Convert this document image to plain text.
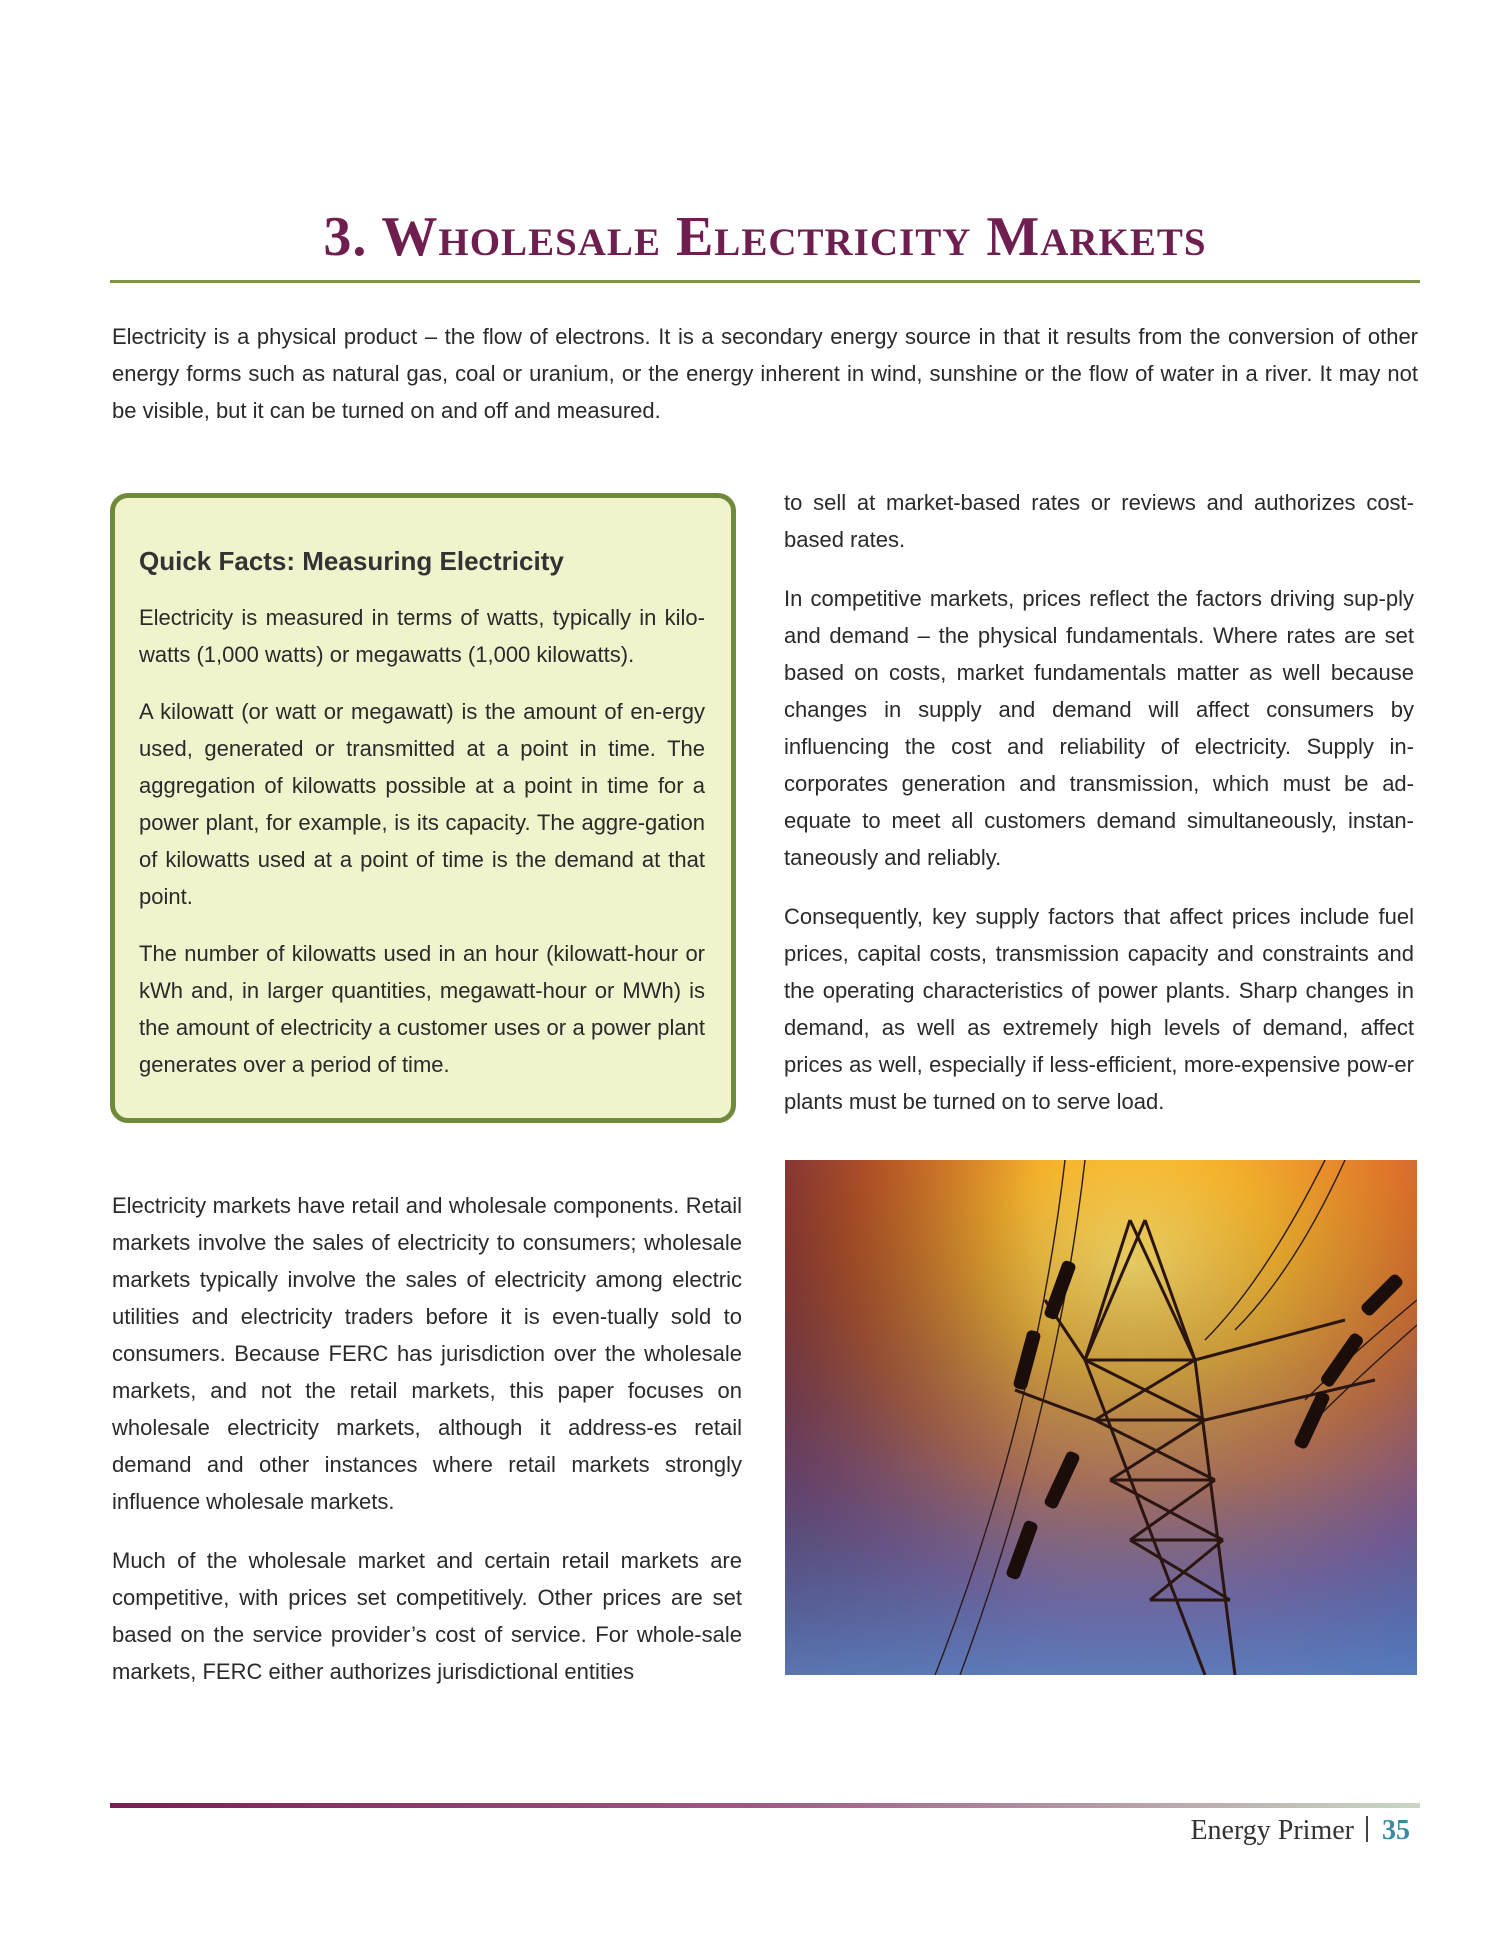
3. Wholesale Electricity Markets

Electricity is a physical product – the flow of electrons. It is a secondary energy source in that it results from the conversion of other energy forms such as natural gas, coal or uranium, or the energy inherent in wind, sunshine or the flow of water in a river. It may not be visible, but it can be turned on and off and measured.

Quick Facts: Measuring Electricity

Electricity is measured in terms of watts, typically in kilo-watts (1,000 watts) or megawatts (1,000 kilowatts).

A kilowatt (or watt or megawatt) is the amount of en-ergy used, generated or transmitted at a point in time. The aggregation of kilowatts possible at a point in time for a power plant, for example, is its capacity. The aggre-gation of kilowatts used at a point of time is the demand at that point.

The number of kilowatts used in an hour (kilowatt-hour or kWh and, in larger quantities, megawatt-hour or MWh) is the amount of electricity a customer uses or a power plant generates over a period of time.

to sell at market-based rates or reviews and authorizes cost-based rates.

In competitive markets, prices reflect the factors driving sup-ply and demand – the physical fundamentals. Where rates are set based on costs, market fundamentals matter as well because changes in supply and demand will affect consumers by influencing the cost and reliability of electricity. Supply in-corporates generation and transmission, which must be ad-equate to meet all customers demand simultaneously, instan-taneously and reliably.

Consequently, key supply factors that affect prices include fuel prices, capital costs, transmission capacity and constraints and the operating characteristics of power plants. Sharp changes in demand, as well as extremely high levels of demand, affect prices as well, especially if less-efficient, more-expensive pow-er plants must be turned on to serve load.

Electricity markets have retail and wholesale components. Retail markets involve the sales of electricity to consumers; wholesale markets typically involve the sales of electricity among electric utilities and electricity traders before it is even-tually sold to consumers. Because FERC has jurisdiction over the wholesale markets, and not the retail markets, this paper focuses on wholesale electricity markets, although it address-es retail demand and other instances where retail markets strongly influence wholesale markets.

Much of the wholesale market and certain retail markets are competitive, with prices set competitively. Other prices are set based on the service provider’s cost of service. For whole-sale markets, FERC either authorizes jurisdictional entities

Energy Primer 35
